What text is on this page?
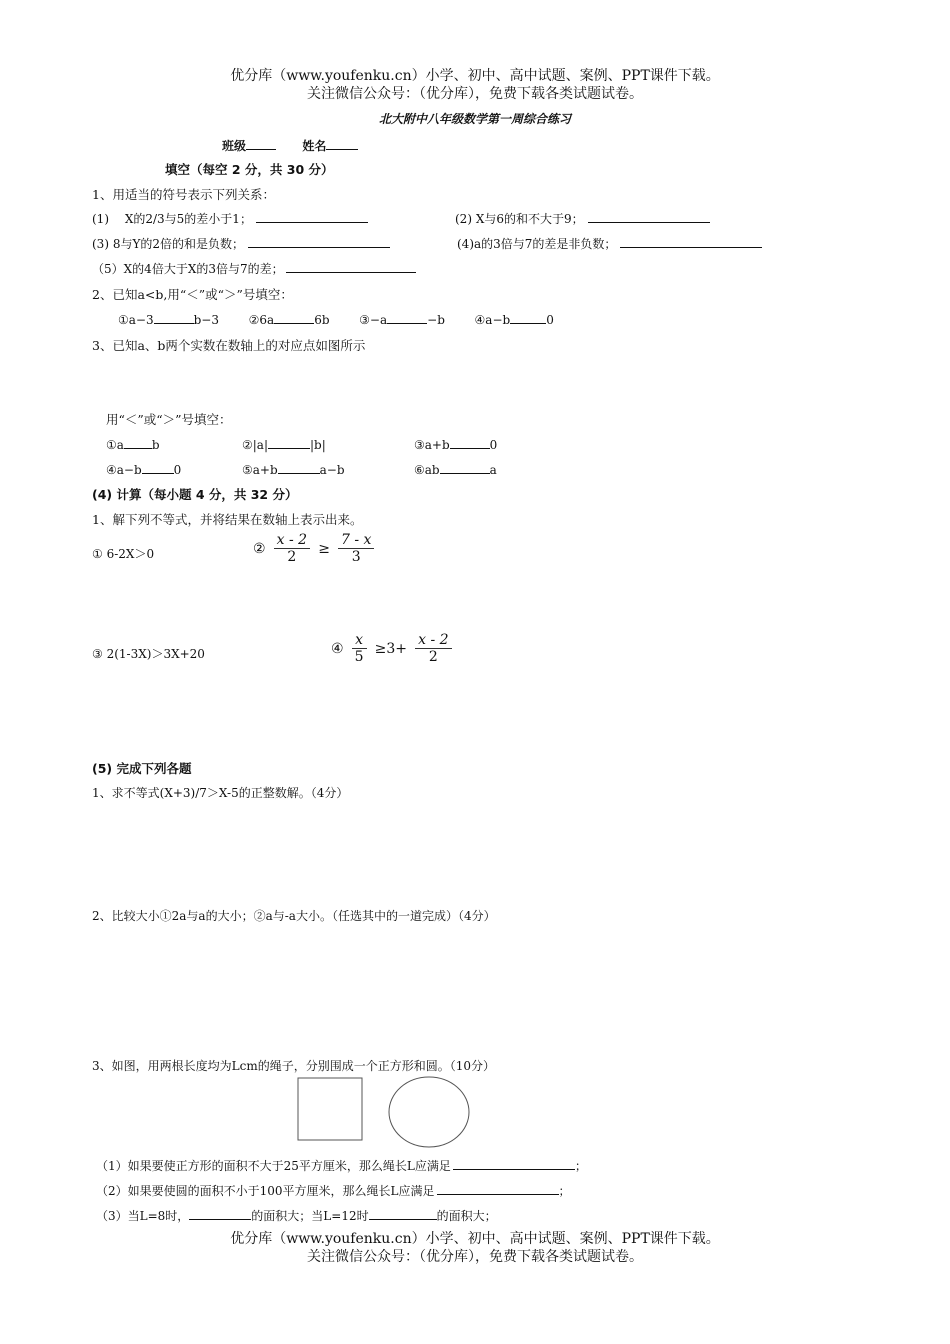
优分库（www.youfenku.cn）小学、初中、高中试题、案例、PPT课件下载。
关注微信公众号：（优分库），免费下载各类试题试卷。
北大附中八年级数学第一周综合练习
班级	姓名
填空（每空 2 分，共 30 分）
1、用适当的符号表示下列关系：
(1)　 X的2/3与5的差小于1；	(2) X与6的和不大于9；
(3) 8与Y的2倍的和是负数；	(4)a的3倍与7的差是非负数；
（5）X的4倍大于X的3倍与7的差；
2、已知a<b,用“＜”或“＞”号填空：
①a−3	b−3 ②6a	6b ③−a	−b ④a−b	0
3、已知a、b两个实数在数轴上的对应点如图所示
用“＜”或“＞”号填空：
①a b	②|a|	|b|	③a+b	0
④a−b	0	⑤a+b	a−b	⑥ab	a
(4) 计算（每小题 4 分，共 32 分）
1、解下列不等式，并将结果在数轴上表示出来。
① 6-2X＞0	② $\frac{x - 2}{2} \ge \frac{7 - x}{3}$
③ 2(1-3X)＞3X+20	④ $\frac{x}{5} \ge 3+ \frac{x - 2}{2}$
(5) 完成下列各题
1、求不等式(X+3)/7＞X-5的正整数解。（4分）
2、比较大小①2a与a的大小；②a与-a大小。（任选其中的一道完成）（4分）
3、如图，用两根长度均为Lcm的绳子，分别围成一个正方形和圆。（10分）
（1）如果要使正方形的面积不大于25平方厘米，那么绳长L应满足	；
（2）如果要使圆的面积不小于100平方厘米，那么绳长L应满足	；
（3）当L=8时，	的面积大；当L=12时	的面积大；
优分库（www.youfenku.cn）小学、初中、高中试题、案例、PPT课件下载。
关注微信公众号：（优分库），免费下载各类试题试卷。
